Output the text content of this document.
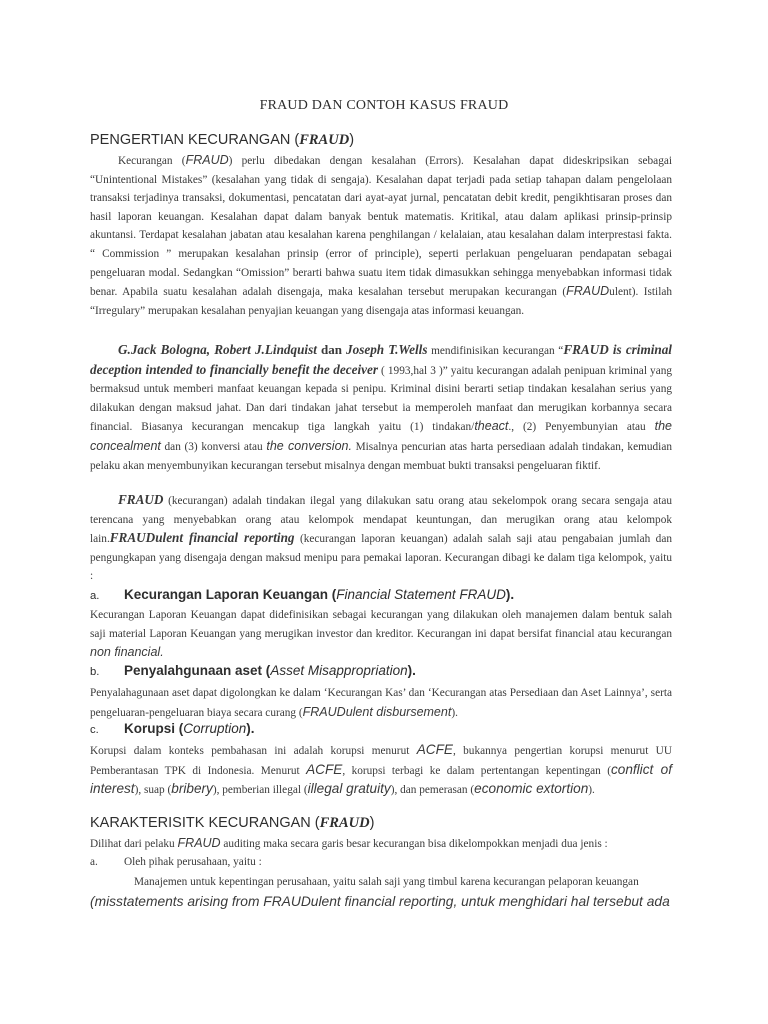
FRAUD DAN CONTOH KASUS FRAUD
PENGERTIAN KECURANGAN (FRAUD)

Kecurangan (FRAUD) perlu dibedakan dengan kesalahan (Errors). Kesalahan dapat dideskripsikan sebagai “Unintentional Mistakes” (kesalahan yang tidak di sengaja). Kesalahan dapat terjadi pada setiap tahapan dalam pengelolaan transaksi terjadinya transaksi, dokumentasi, pencatatan dari ayat-ayat jurnal, pencatatan debit kredit, pengikhtisaran proses dan hasil laporan keuangan. Kesalahan dapat dalam banyak bentuk matematis. Kritikal, atau dalam aplikasi prinsip-prinsip akuntansi. Terdapat kesalahan jabatan atau kesalahan karena penghilangan / kelalaian, atau kesalahan dalam interprestasi fakta. “ Commission ” merupakan kesalahan prinsip (error of principle), seperti perlakuan pengeluaran pendapatan sebagai pengeluaran modal. Sedangkan “Omission” berarti bahwa suatu item tidak dimasukkan sehingga menyebabkan informasi tidak benar. Apabila suatu kesalahan adalah disengaja, maka kesalahan tersebut merupakan kecurangan (FRAUDulent). Istilah “Irregulary” merupakan kesalahan penyajian keuangan yang disengaja atas informasi keuangan.

G.Jack Bologna, Robert J.Lindquist dan Joseph T.Wells mendifinisikan kecurangan “FRAUD is criminal deception intended to financially benefit the deceiver ( 1993,hal 3 )” yaitu kecurangan adalah penipuan kriminal yang bermaksud untuk memberi manfaat keuangan kepada si penipu. Kriminal disini berarti setiap tindakan kesalahan serius yang dilakukan dengan maksud jahat. Dan dari tindakan jahat tersebut ia memperoleh manfaat dan merugikan korbannya secara financial. Biasanya kecurangan mencakup tiga langkah yaitu (1) tindakan/theact., (2) Penyembunyian atau the concealment dan (3) konversi atau the conversion. Misalnya pencurian atas harta persediaan adalah tindakan, kemudian pelaku akan menyembunyikan kecurangan tersebut misalnya dengan membuat bukti transaksi pengeluaran fiktif.

FRAUD (kecurangan) adalah tindakan ilegal yang dilakukan satu orang atau sekelompok orang secara sengaja atau terencana yang menyebabkan orang atau kelompok mendapat keuntungan, dan merugikan orang atau kelompok lain.FRAUDulent financial reporting (kecurangan laporan keuangan) adalah salah saji atau pengabaian jumlah dan pengungkapan yang disengaja dengan maksud menipu para pemakai laporan. Kecurangan dibagi ke dalam tiga kelompok, yaitu :

a. Kecurangan Laporan Keuangan (Financial Statement FRAUD).

Kecurangan Laporan Keuangan dapat didefinisikan sebagai kecurangan yang dilakukan oleh manajemen dalam bentuk salah saji material Laporan Keuangan yang merugikan investor dan kreditor. Kecurangan ini dapat bersifat financial atau kecurangan non financial.

b. Penyalahgunaan aset (Asset Misappropriation).

Penyalahagunaan aset dapat digolongkan ke dalam ‘Kecurangan Kas’ dan ‘Kecurangan atas Persediaan dan Aset Lainnya’, serta pengeluaran-pengeluaran biaya secara curang (FRAUDulent disbursement).

c. Korupsi (Corruption).

Korupsi dalam konteks pembahasan ini adalah korupsi menurut ACFE, bukannya pengertian korupsi menurut UU Pemberantasan TPK di Indonesia. Menurut ACFE, korupsi terbagi ke dalam pertentangan kepentingan (conflict of interest), suap (bribery), pemberian illegal (illegal gratuity), dan pemerasan (economic extortion).

KARAKTERISITK KECURANGAN (FRAUD)

Dilihat dari pelaku FRAUD auditing maka secara garis besar kecurangan bisa dikelompokkan menjadi dua jenis :

a. Oleh pihak perusahaan, yaitu :

Manajemen untuk kepentingan perusahaan, yaitu salah saji yang timbul karena kecurangan pelaporan keuangan

(misstatements arising from FRAUDulent financial reporting, untuk menghidari hal tersebut ada
